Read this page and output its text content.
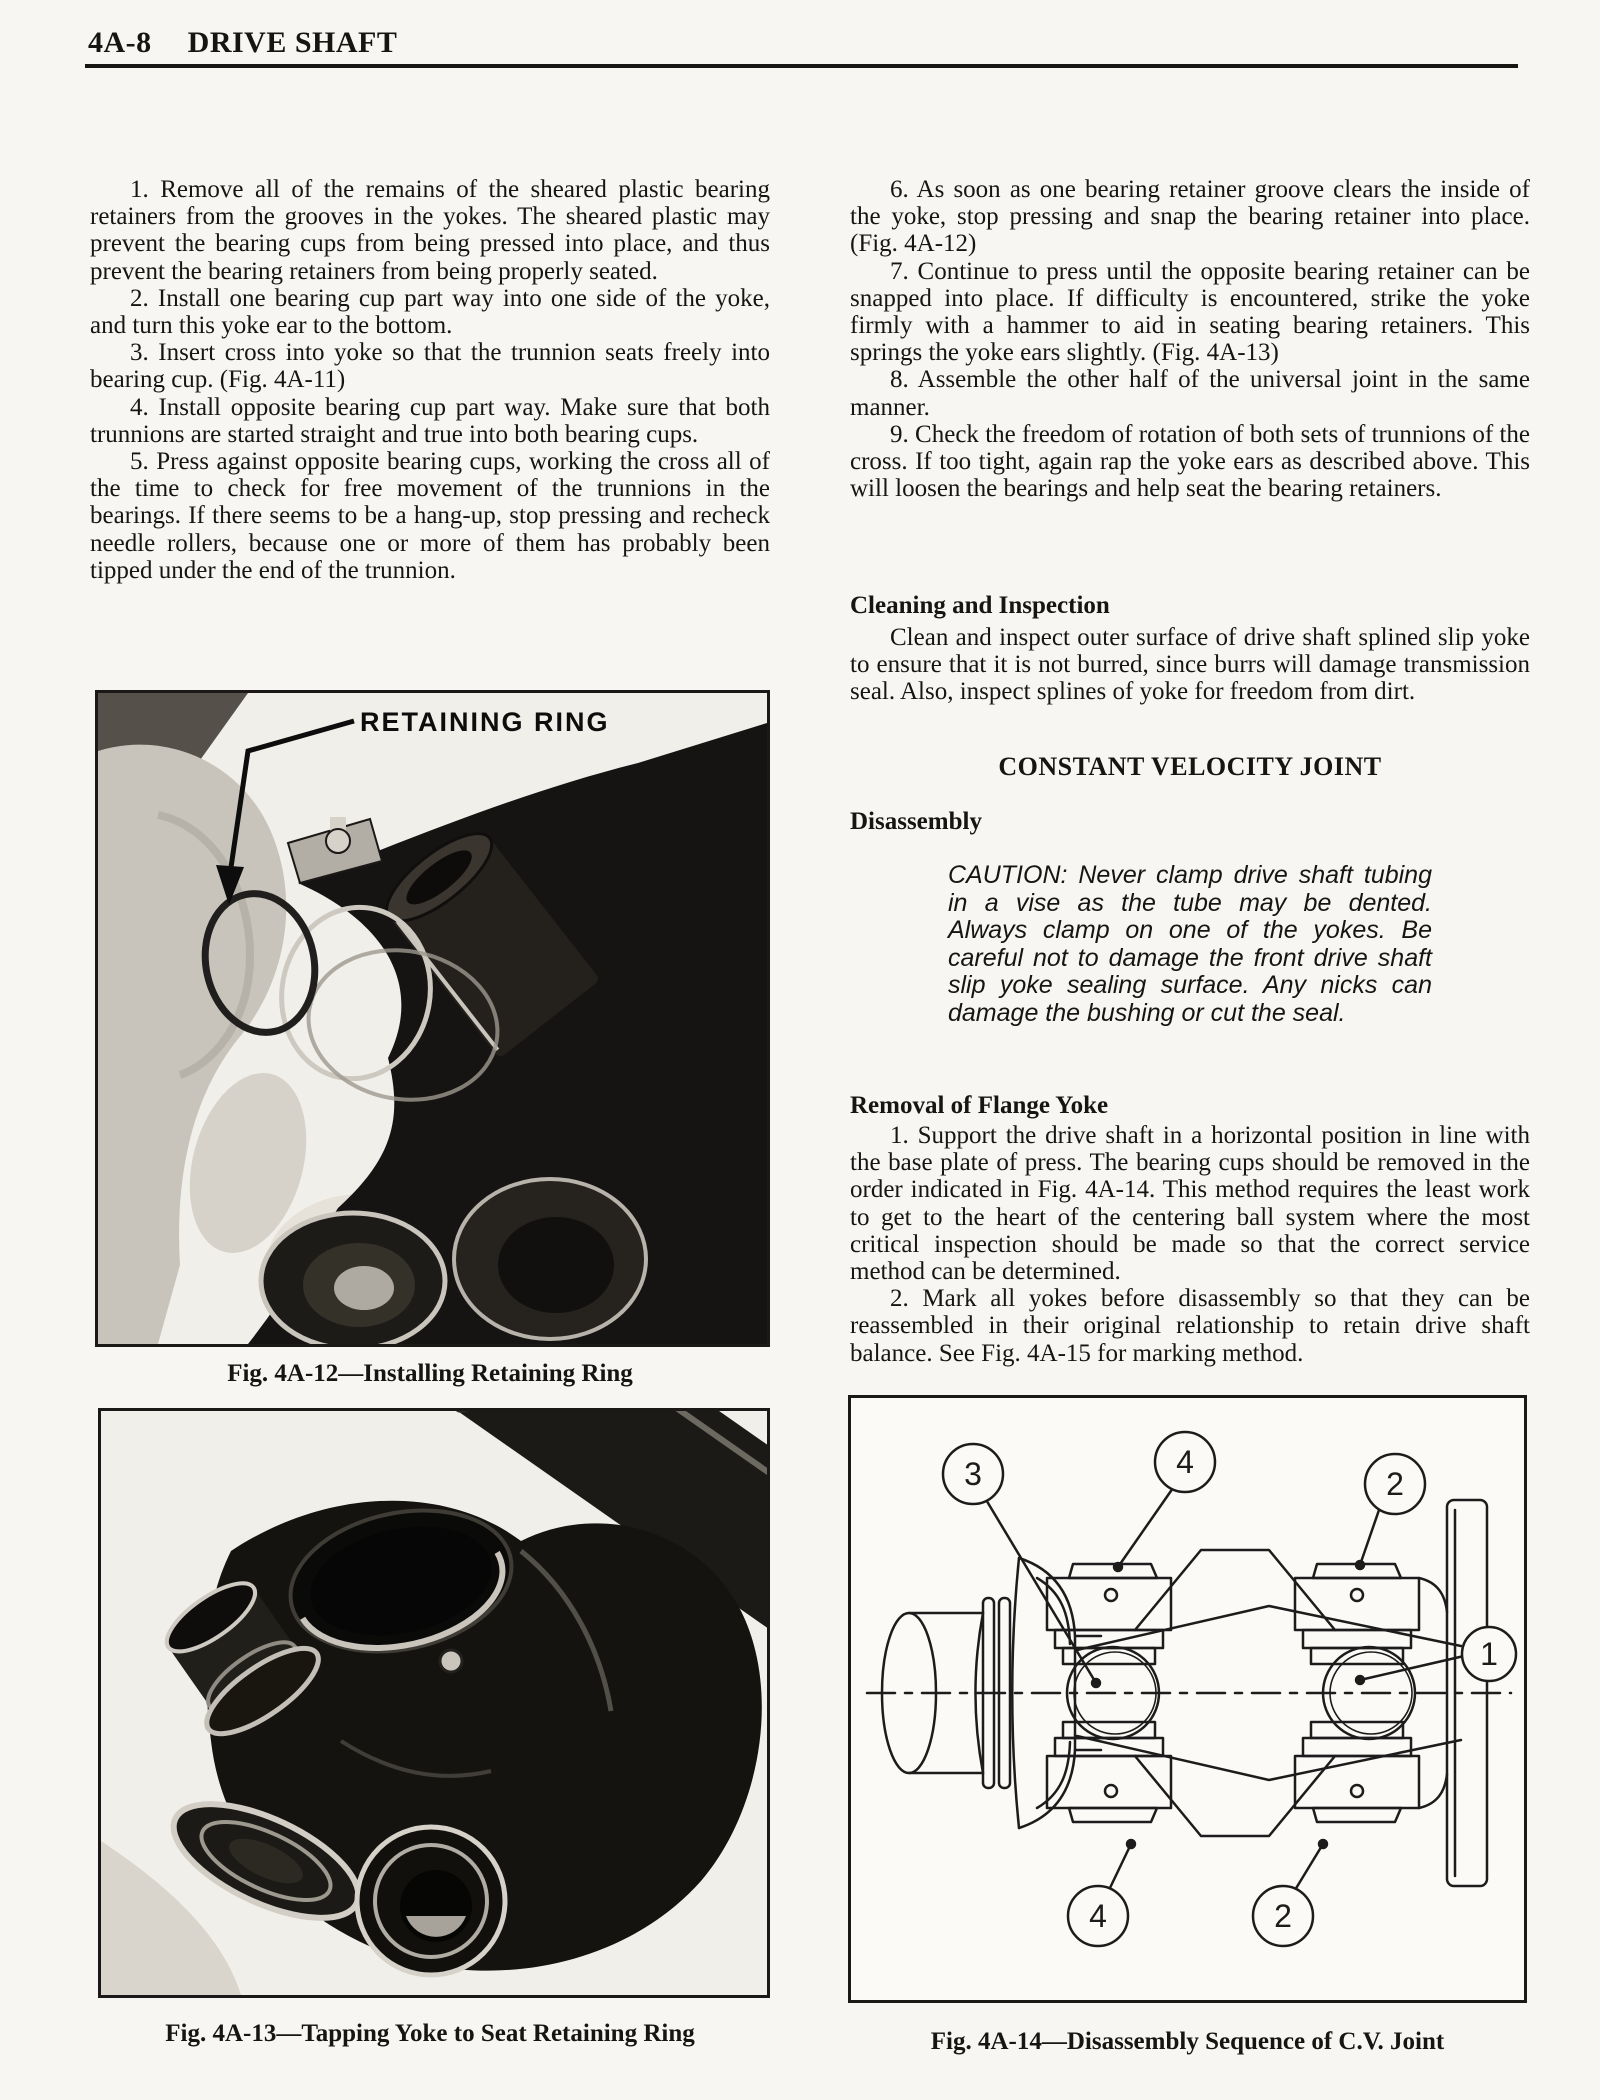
4A-8 DRIVE SHAFT

1. Remove all of the remains of the sheared plastic bearing retainers from the grooves in the yokes. The sheared plastic may prevent the bearing cups from being pressed into place, and thus prevent the bearing retainers from being properly seated.

2. Install one bearing cup part way into one side of the yoke, and turn this yoke ear to the bottom.

3. Insert cross into yoke so that the trunnion seats freely into bearing cup. (Fig. 4A-11)

4. Install opposite bearing cup part way. Make sure that both trunnions are started straight and true into both bearing cups.

5. Press against opposite bearing cups, working the cross all of the time to check for free movement of the trunnions in the bearings. If there seems to be a hang-up, stop pressing and recheck needle rollers, because one or more of them has probably been tipped under the end of the trunnion.

6. As soon as one bearing retainer groove clears the inside of the yoke, stop pressing and snap the bearing retainer into place. (Fig. 4A-12)

7. Continue to press until the opposite bearing retainer can be snapped into place. If difficulty is encountered, strike the yoke firmly with a hammer to aid in seating bearing retainers. This springs the yoke ears slightly. (Fig. 4A-13)

8. Assemble the other half of the universal joint in the same manner.

9. Check the freedom of rotation of both sets of trunnions of the cross. If too tight, again rap the yoke ears as described above. This will loosen the bearings and help seat the bearing retainers.

Cleaning and Inspection

Clean and inspect outer surface of drive shaft splined slip yoke to ensure that it is not burred, since burrs will damage transmission seal. Also, inspect splines of yoke for freedom from dirt.

CONSTANT VELOCITY JOINT
Disassembly
CAUTION: Never clamp drive shaft tubing in a vise as the tube may be dented. Always clamp on one of the yokes. Be careful not to damage the front drive shaft slip yoke sealing surface. Any nicks can damage the bushing or cut the seal.
Removal of Flange Yoke

1. Support the drive shaft in a horizontal position in line with the base plate of press. The bearing cups should be removed in the order indicated in Fig. 4A-14. This method requires the least work to get to the heart of the centering ball system where the most critical inspection should be made so that the correct service method can be determined.

2. Mark all yokes before disassembly so that they can be reassembled in their original relationship to retain drive shaft balance. See Fig. 4A-15 for marking method.

RETAINING RING
Fig. 4A-12—Installing Retaining Ring
Fig. 4A-13—Tapping Yoke to Seat Retaining Ring
3	4
2
1
4	2
Fig. 4A-14—Disassembly Sequence of C.V. Joint
